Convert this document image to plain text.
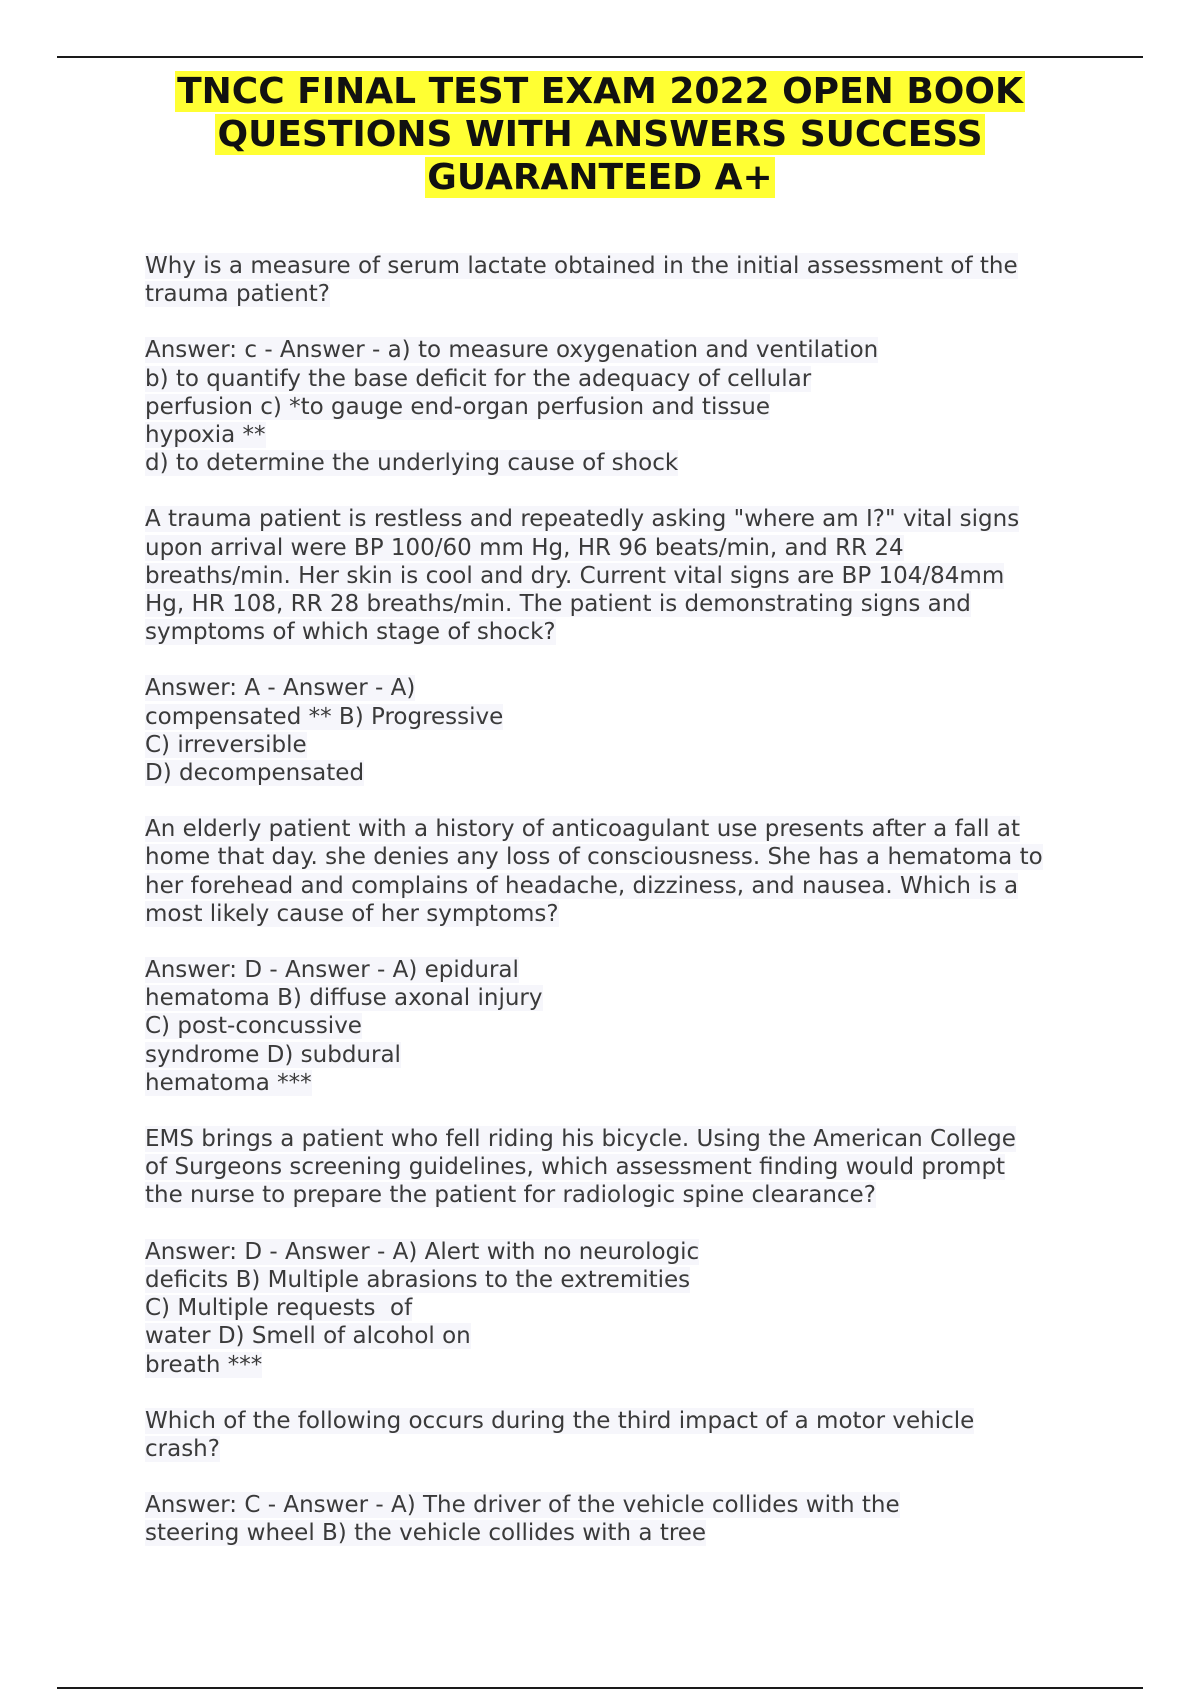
TNCC FINAL TEST EXAM 2022 OPEN BOOK
QUESTIONS WITH ANSWERS SUCCESS
GUARANTEED A+
Why is a measure of serum lactate obtained in the initial assessment of the
trauma patient?
Answer: c - Answer - a) to measure oxygenation and ventilation
b) to quantify the base deficit for the adequacy of cellular
perfusion c) *to gauge end-organ perfusion and tissue
hypoxia **
d) to determine the underlying cause of shock
A trauma patient is restless and repeatedly asking "where am I?" vital signs
upon arrival were BP 100/60 mm Hg, HR 96 beats/min, and RR 24
breaths/min. Her skin is cool and dry. Current vital signs are BP 104/84mm
Hg, HR 108, RR 28 breaths/min. The patient is demonstrating signs and
symptoms of which stage of shock?
Answer: A - Answer - A)
compensated ** B) Progressive
C) irreversible
D) decompensated
An elderly patient with a history of anticoagulant use presents after a fall at
home that day. she denies any loss of consciousness. She has a hematoma to
her forehead and complains of headache, dizziness, and nausea. Which is a
most likely cause of her symptoms?
Answer: D - Answer - A) epidural
hematoma B) diffuse axonal injury
C) post-concussive
syndrome D) subdural
hematoma ***
EMS brings a patient who fell riding his bicycle. Using the American College
of Surgeons screening guidelines, which assessment finding would prompt
the nurse to prepare the patient for radiologic spine clearance?
Answer: D - Answer - A) Alert with no neurologic
deficits B) Multiple abrasions to the extremities
C) Multiple requests  of
water D) Smell of alcohol on
breath ***
Which of the following occurs during the third impact of a motor vehicle
crash?
Answer: C - Answer - A) The driver of the vehicle collides with the
steering wheel B) the vehicle collides with a tree
